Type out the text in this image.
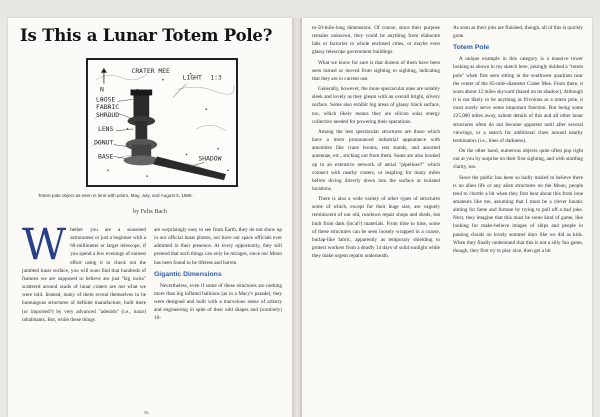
Is This a Lunar Totem Pole?
N
CRATER MEE
LOOSE
FABRIC
SHROUD
LENS
DONUT
BASE	SHADOW
LIGHT 1:3
Totem-pole object as seen in lens with prism, May, July, and August 5, 1985.
by Felix Bach

Whether you are a seasoned astronomer or just a beginner with a 60-millimeter or larger telescope, if you spend a few evenings of earnest effort using it to check out the jumbled lunar surface, you will soon find that hundreds of features we are supposed to believe are just "big rocks" scattered around scads of lunar craters are not what we were told. Instead, many of them reveal themselves to be humungous structures of definite manufacture, built there (or imported?) by very advanced "adenids" (i.e., lunar) inhabitants. But, while these things

are surprisingly easy to see from Earth, they do not show up in our official lunar photos, nor have our space officials ever admitted to their presence. At every opportunity, they still pretend that such things can only be mirages, since our Moon has been found to be lifeless and barren.

Gigantic Dimensions

Nevertheless, even if some of these structures are nothing more than big inflated balloons (as in a Macy's parade), they were designed and built with a marvelous sense of artistry and engineering in spite of their odd shapes and (routinely) 10-

56

to-50-mile-long dimensions. Of course, since their purpose remains unknown, they could be anything from elaborate labs or factories to whole enclosed cities, or maybe even glassy telescope government buildings.

What we know for sure is that dozens of them have been seen turned or moved from sighting to sighting, indicating that they are in current use.

Generally, however, the more spectacular ones are notably sleek and lovely as they gleam with an overall bright, silvery surface. Some also exhibit big areas of glassy black surface, too, which likely means they are silicon solar energy collectors needed for powering their operations.

Among the less spectacular structures are those which have a more pronounced industrial appearance with amenities like crane booms, test stands, and assorted antennae, etc., sticking out from them. Some are also hooked up to an extensive network of aerial "pipelines?" which connect with nearby craters, or leapfrog for many miles before diving directly down into the surface at isolated locations.

There is also a wide variety of other types of structures some of which, except for their huge size, are vaguely reminiscent of our old, rundown repair shops and sheds, but built from dark (local?) materials. From time to time, some of these structures can be seen loosely wrapped in a coarse, burlap-like fabric, apparently as temporary shielding to protect workers from a deadly 14 days of solid sunlight while they make urgent repairs underneath.

As soon as their jobs are finished, though, all of this is quickly gone.

Totem Pole

A unique example in this category is a massive tower looking as shown in my sketch here, jokingly dubbed a "totem pole" when first seen sitting in the southwest quadrant near the center of the 85-mile-diameter Crater Mee. From there, it soars about 12 miles skyward (based on its shadow). Although it is not likely to be anything as frivolous as a totem pole, it most surely serve some important function. But being some 225,000 miles away, salient details of this and all other lunar structures often do not become apparent until after several viewings, or a search for additional clues around nearby terminators (i.e., lines of darkness).

On the other hand, numerous objects quite often pop right out at you by surprise on their first sighting, and with startling clarity, too.

Since the public has been so badly misled to believe there is no alien life or any alien structures on the Moon, people tend to chortle a bit when they first hear about this from lone amateurs like me, assuming that I must be a clever lunatic aiming for fame and fortune by trying to pull off a bad joke. Next, they imagine that this must be some kind of game, like looking for make-believe images of ships and people in passing clouds on lovely summer days like we did as kids. When they finally understand that this is not a silly fun game, though, they first try to play nice, then get a bit
